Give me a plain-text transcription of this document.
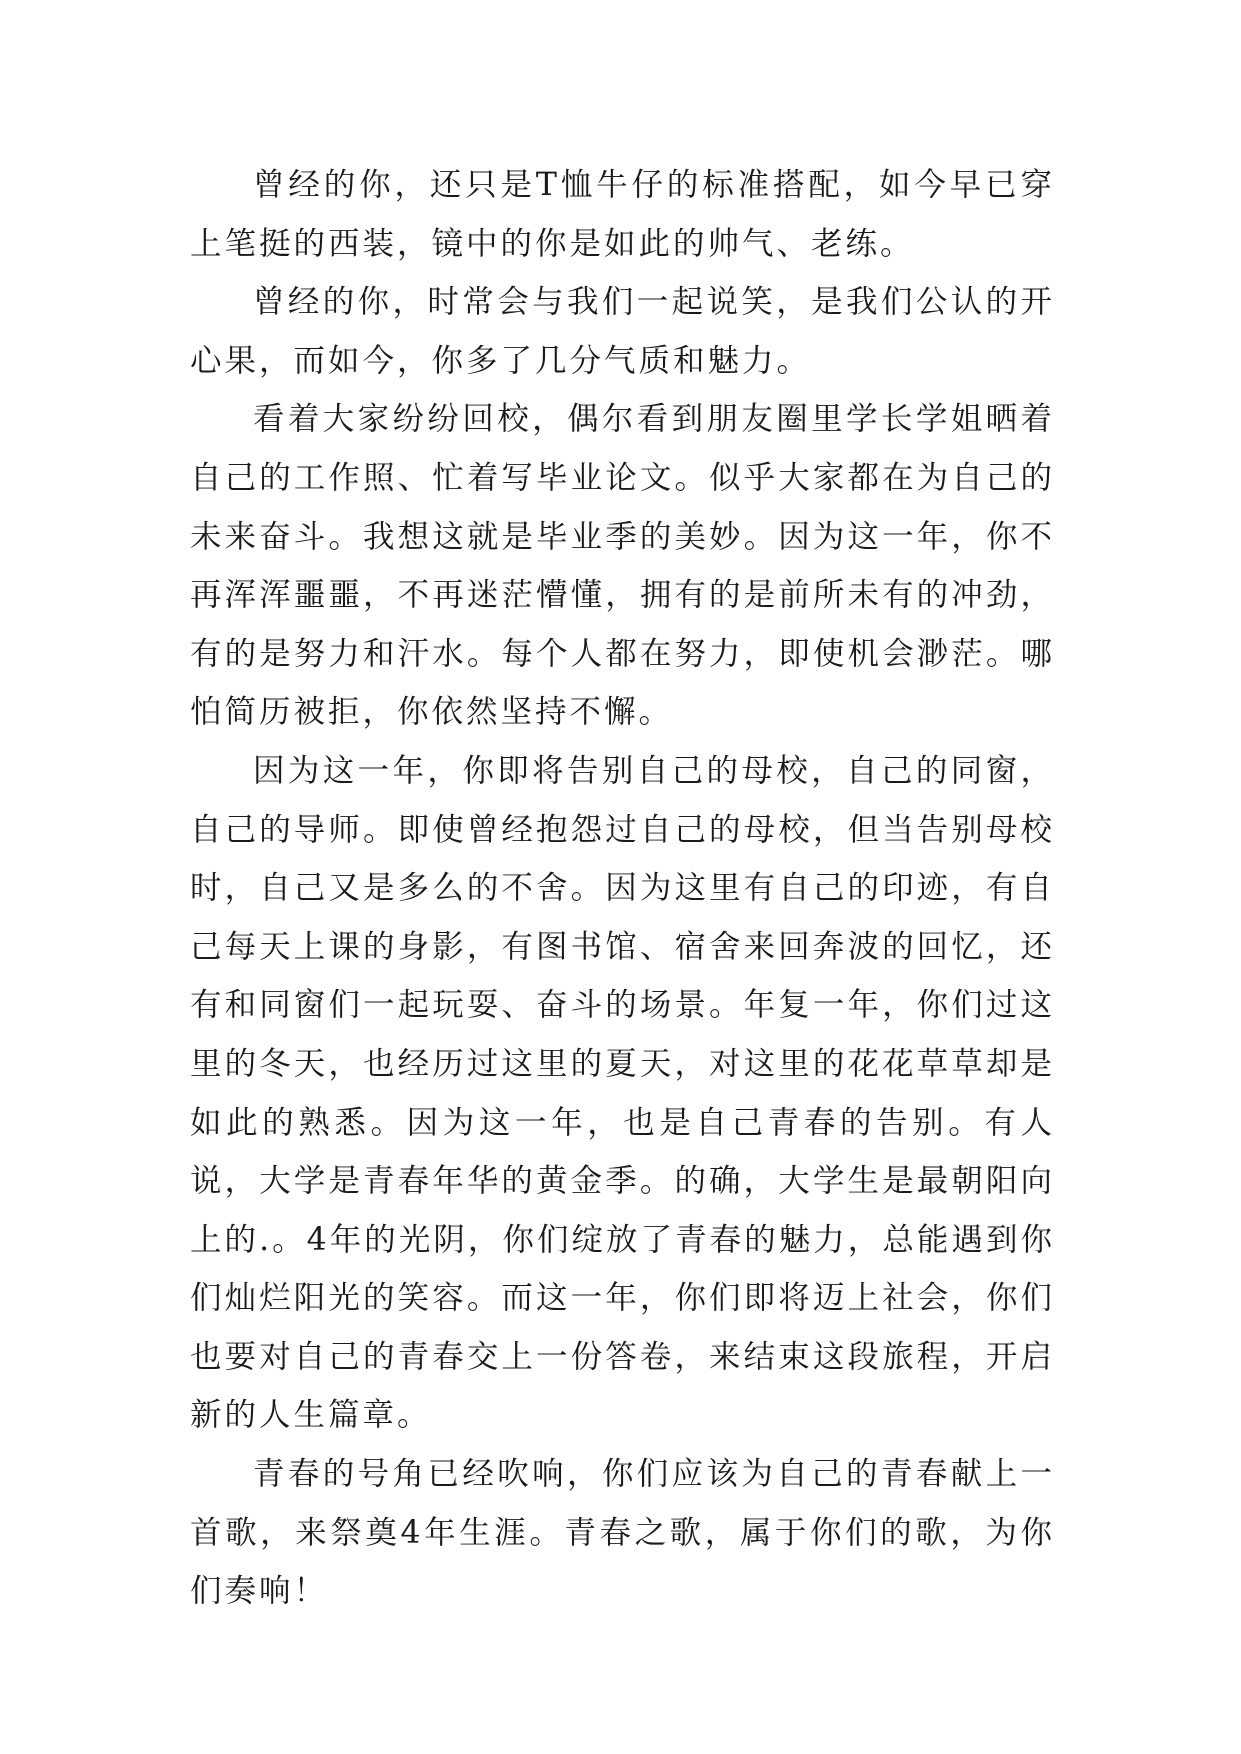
曾经的你，还只是T恤牛仔的标准搭配，如今早已穿上笔挺的西装，镜中的你是如此的帅气、老练。

曾经的你，时常会与我们一起说笑，是我们公认的开心果，而如今，你多了几分气质和魅力。

看着大家纷纷回校，偶尔看到朋友圈里学长学姐晒着自己的工作照、忙着写毕业论文。似乎大家都在为自己的未来奋斗。我想这就是毕业季的美妙。因为这一年，你不再浑浑噩噩，不再迷茫懵懂，拥有的是前所未有的冲劲，有的是努力和汗水。每个人都在努力，即使机会渺茫。哪怕简历被拒，你依然坚持不懈。

因为这一年，你即将告别自己的母校，自己的同窗，自己的导师。即使曾经抱怨过自己的母校，但当告别母校时，自己又是多么的不舍。因为这里有自己的印迹，有自己每天上课的身影，有图书馆、宿舍来回奔波的回忆，还有和同窗们一起玩耍、奋斗的场景。年复一年，你们过这里的冬天，也经历过这里的夏天，对这里的花花草草却是如此的熟悉。因为这一年，也是自己青春的告别。有人说，大学是青春年华的黄金季。的确，大学生是最朝阳向上的.。4年的光阴，你们绽放了青春的魅力，总能遇到你们灿烂阳光的笑容。而这一年，你们即将迈上社会，你们也要对自己的青春交上一份答卷，来结束这段旅程，开启新的人生篇章。

青春的号角已经吹响，你们应该为自己的青春献上一首歌，来祭奠4年生涯。青春之歌，属于你们的歌，为你们奏响！
